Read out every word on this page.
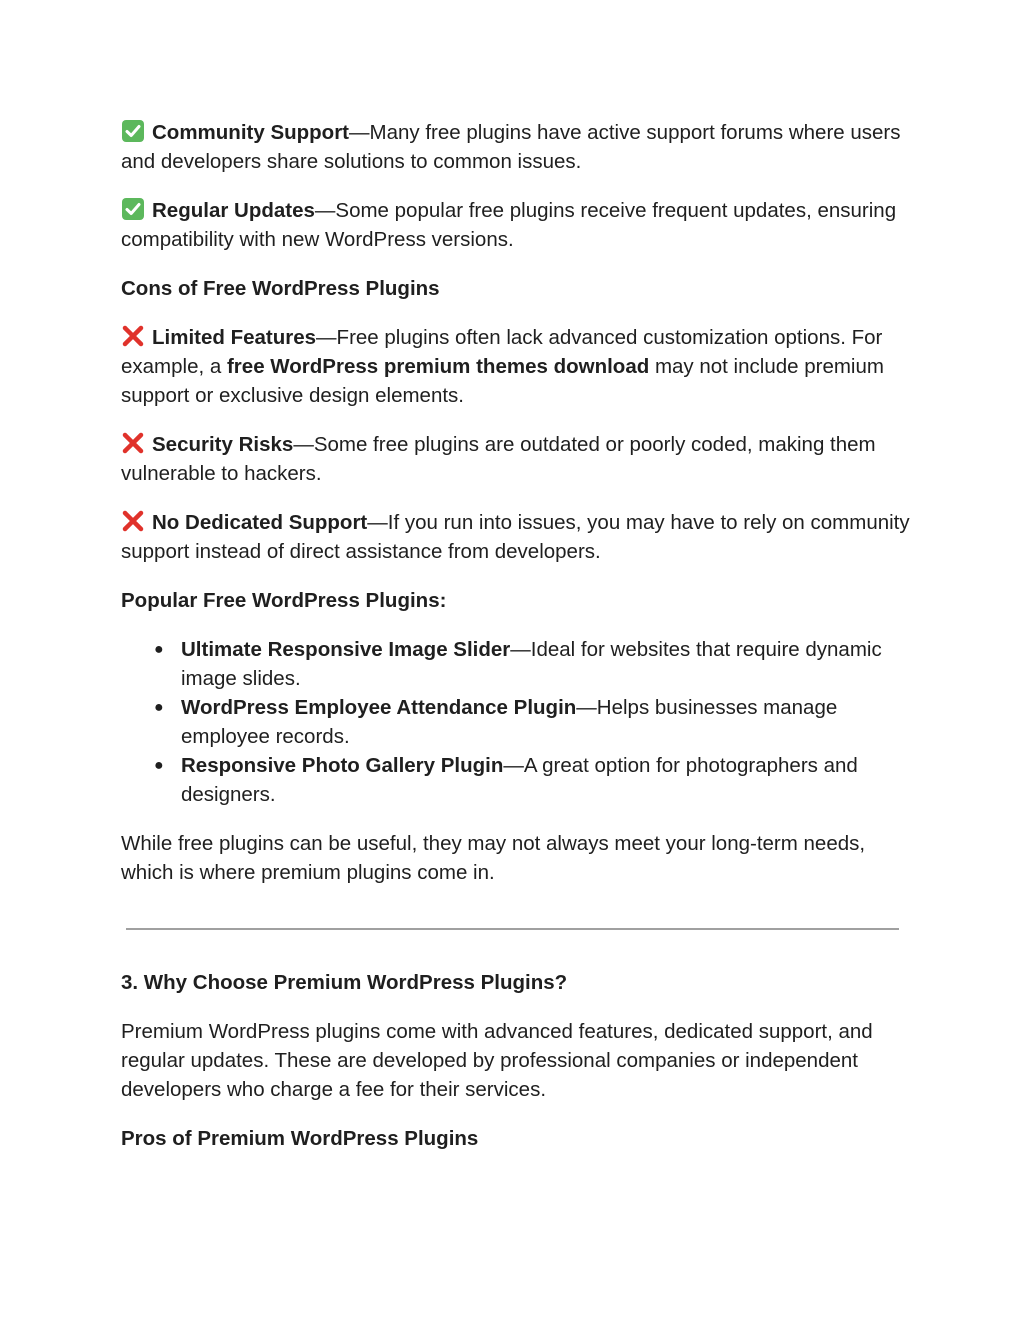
Community Support—Many free plugins have active support forums where users and developers share solutions to common issues.

Regular Updates—Some popular free plugins receive frequent updates, ensuring compatibility with new WordPress versions.

Cons of Free WordPress Plugins

Limited Features—Free plugins often lack advanced customization options. For example, a free WordPress premium themes download may not include premium support or exclusive design elements.

Security Risks—Some free plugins are outdated or poorly coded, making them vulnerable to hackers.

No Dedicated Support—If you run into issues, you may have to rely on community support instead of direct assistance from developers.

Popular Free WordPress Plugins:

● Ultimate Responsive Image Slider—Ideal for websites that require dynamic image slides.
● WordPress Employee Attendance Plugin—Helps businesses manage employee records.
● Responsive Photo Gallery Plugin—A great option for photographers and designers.

While free plugins can be useful, they may not always meet your long-term needs, which is where premium plugins come in.

3. Why Choose Premium WordPress Plugins?

Premium WordPress plugins come with advanced features, dedicated support, and regular updates. These are developed by professional companies or independent developers who charge a fee for their services.

Pros of Premium WordPress Plugins
